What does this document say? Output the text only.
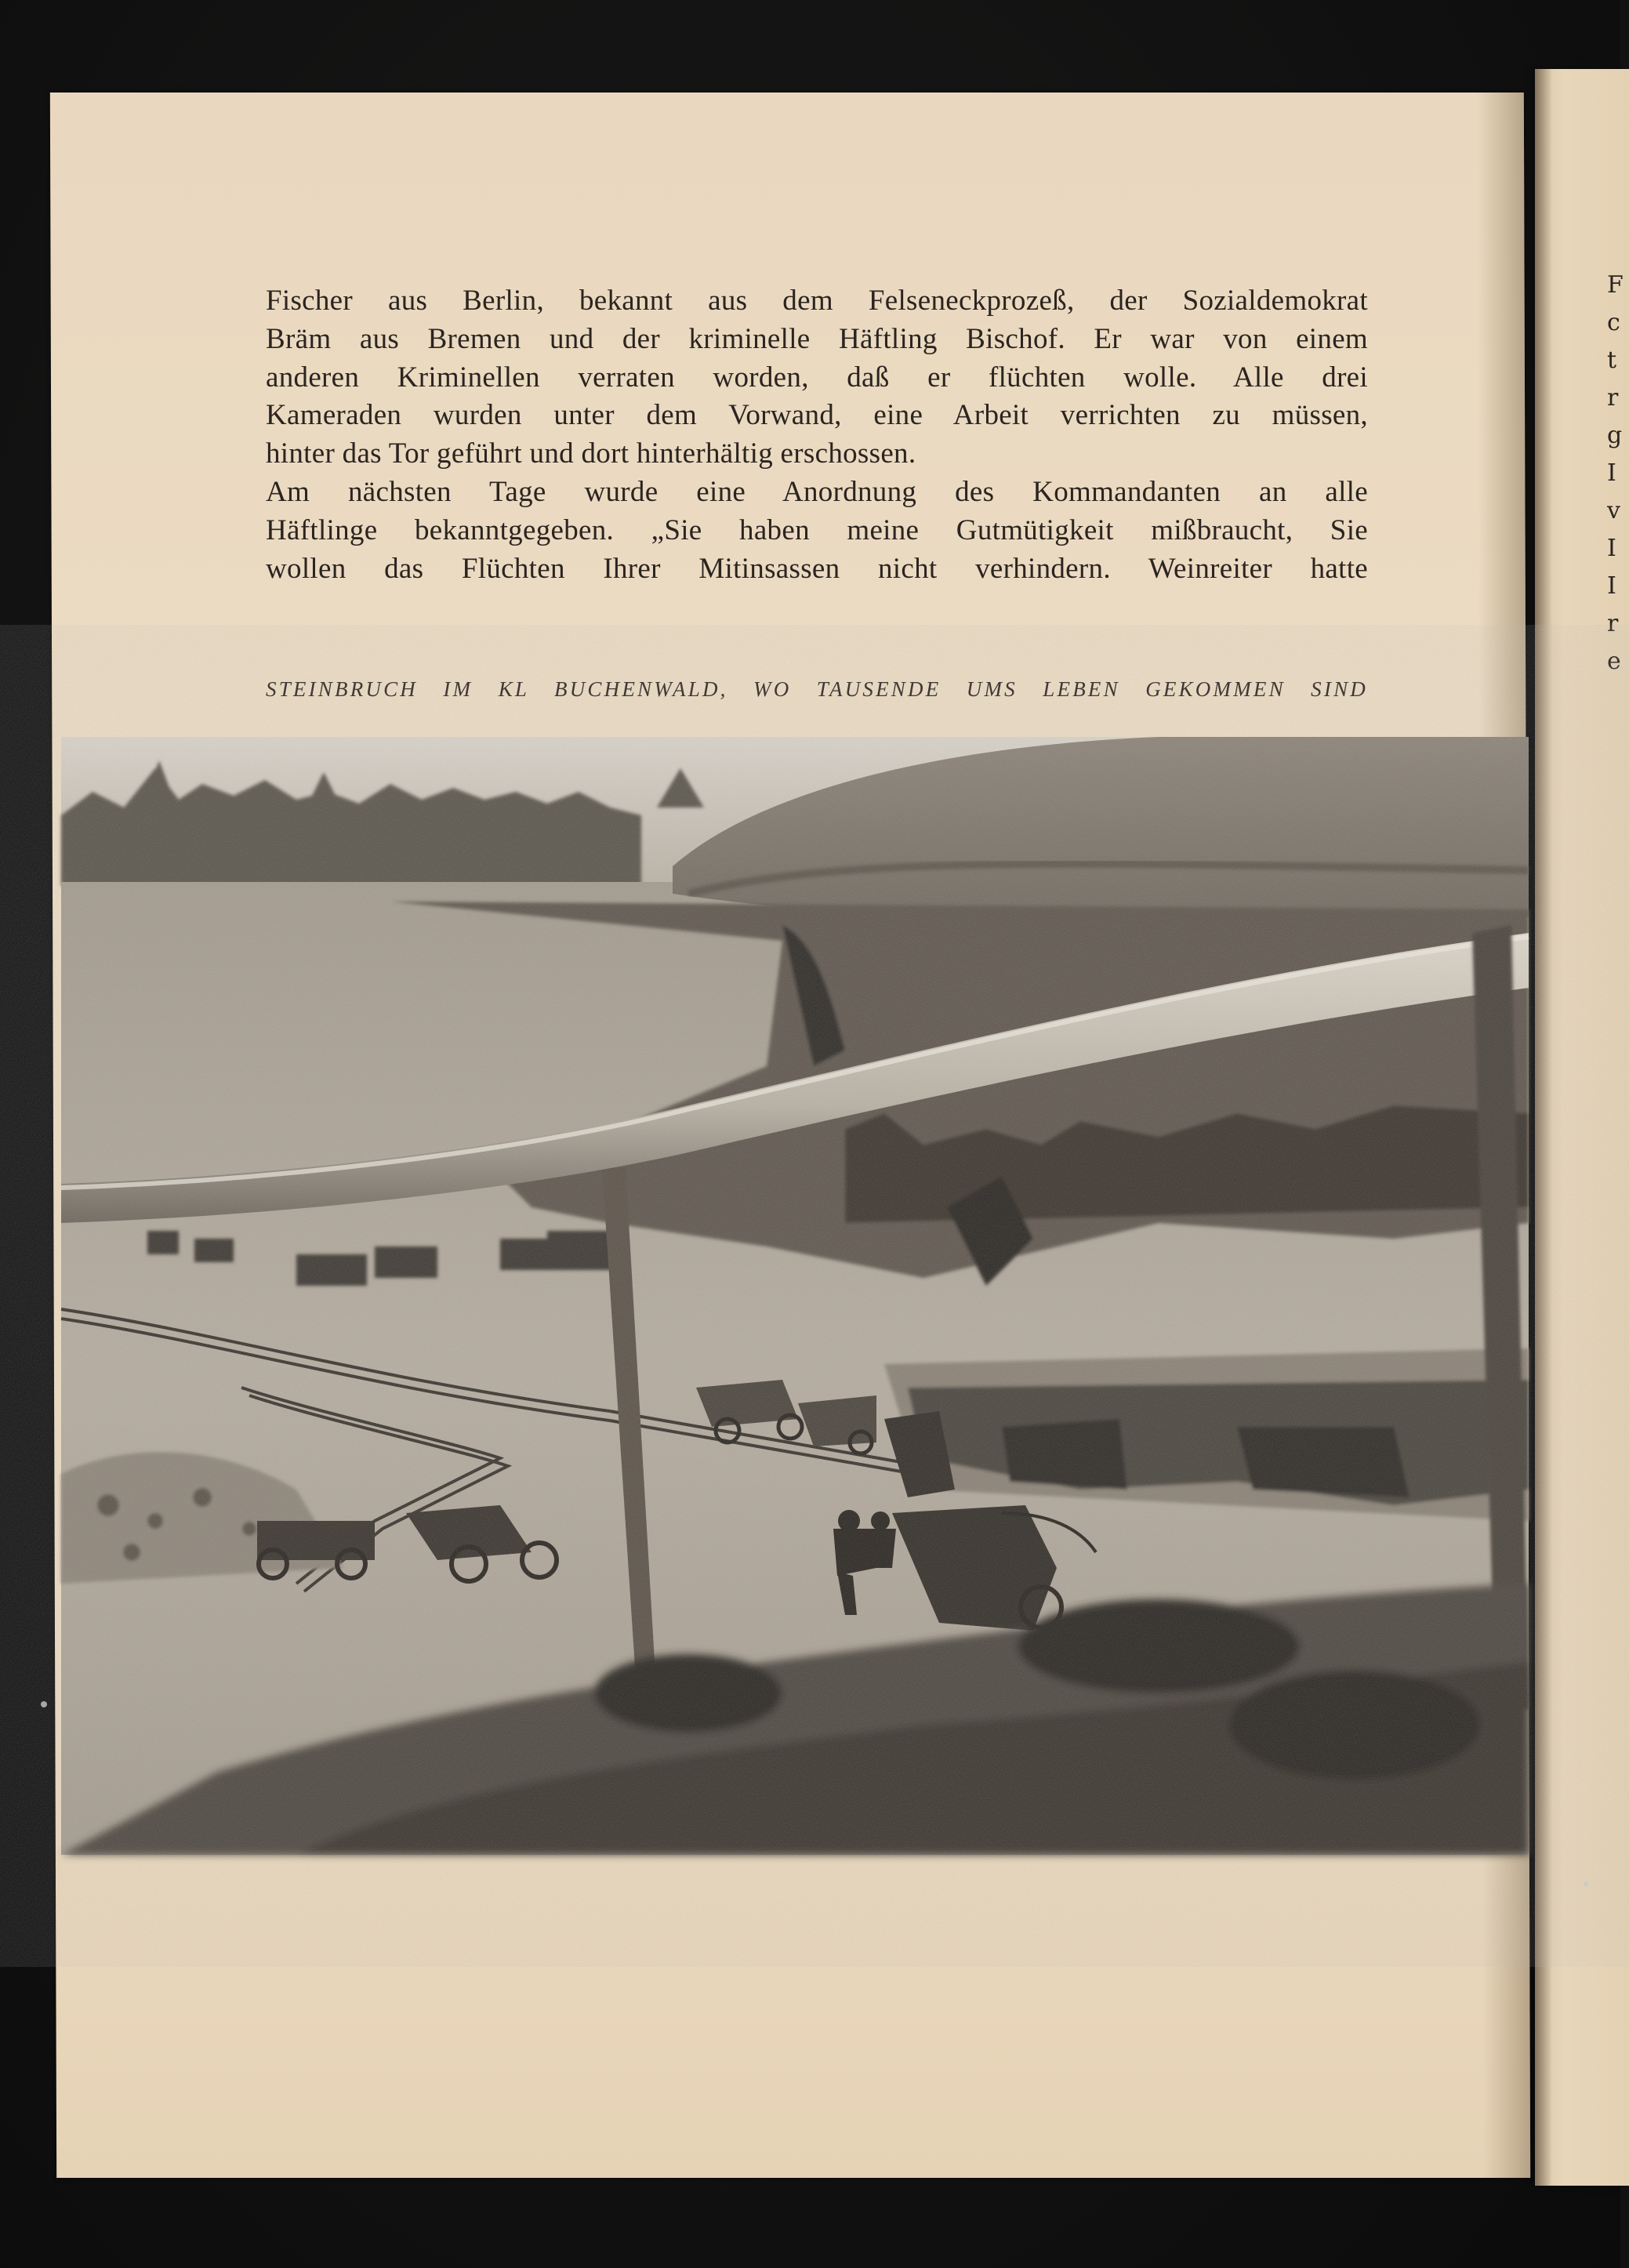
F
c
t
r
g
I
v
I
I
r
e
Fischer aus Berlin, bekannt aus dem Felseneckprozeß, der Sozialdemokrat
Bräm aus Bremen und der kriminelle Häftling Bischof. Er war von einem
anderen Kriminellen verraten worden, daß er flüchten wolle. Alle drei
Kameraden wurden unter dem Vorwand, eine Arbeit verrichten zu müssen,
hinter das Tor geführt und dort hinterhältig erschossen.
Am nächsten Tage wurde eine Anordnung des Kommandanten an alle
Häftlinge bekanntgegeben. „Sie haben meine Gutmütigkeit mißbraucht, Sie
wollen das Flüchten Ihrer Mitinsassen nicht verhindern. Weinreiter hatte
STEINBRUCH IM KL BUCHENWALD, WO TAUSENDE UMS LEBEN GEKOMMEN SIND
